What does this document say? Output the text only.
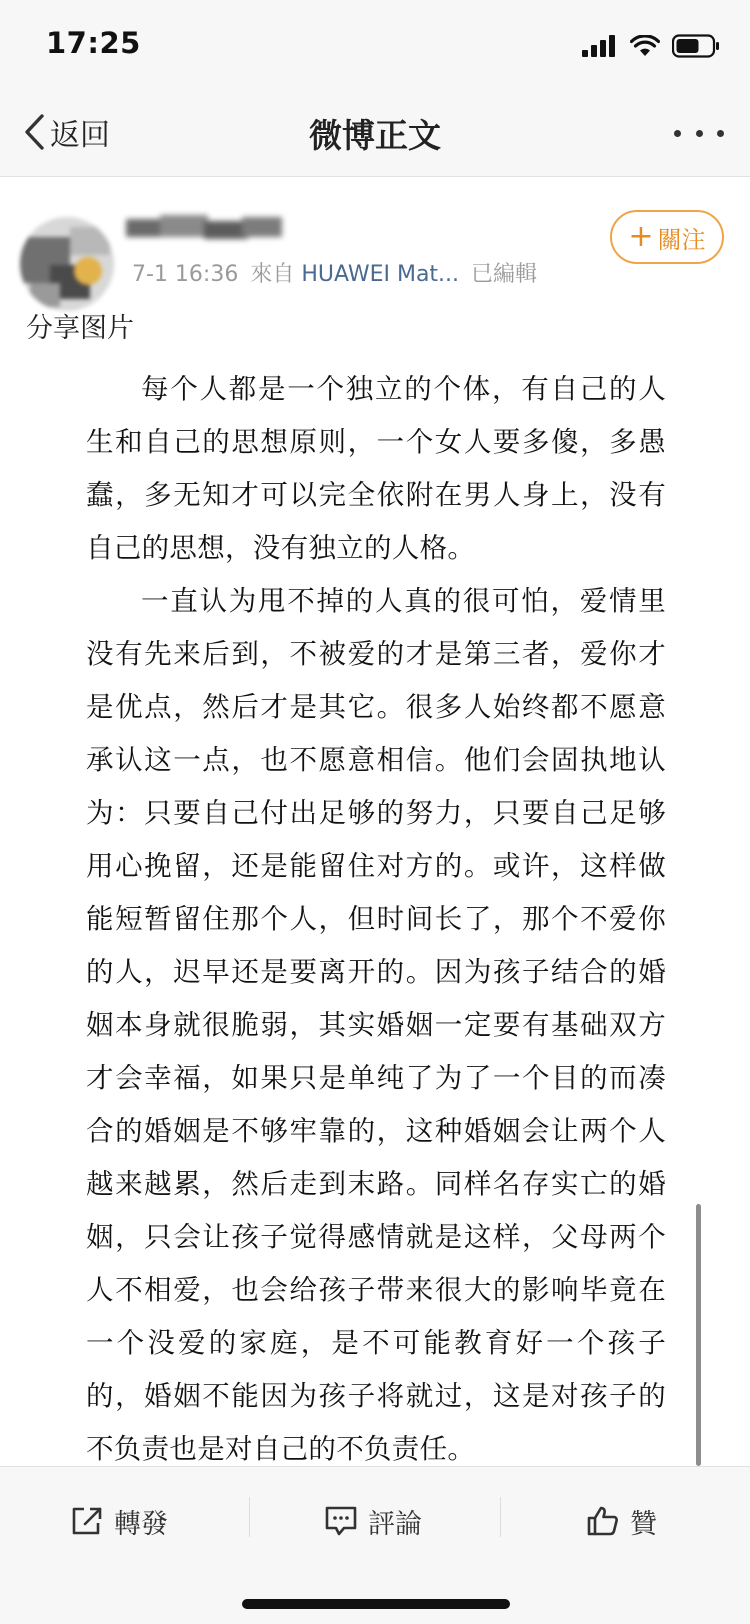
17:25
返回	微博正文
7-1 16:36 來自 HUAWEI Mat... 已編輯
+ 關注
分享图片

每个人都是一个独立的个体，有自己的人生和自己的思想原则，一个女人要多傻，多愚蠢，多无知才可以完全依附在男人身上，没有自己的思想，没有独立的人格。

一直认为甩不掉的人真的很可怕，爱情里没有先来后到，不被爱的才是第三者，爱你才是优点，然后才是其它。很多人始终都不愿意承认这一点，也不愿意相信。他们会固执地认为：只要自己付出足够的努力，只要自己足够用心挽留，还是能留住对方的。或许，这样做能短暂留住那个人，但时间长了，那个不爱你的人，迟早还是要离开的。因为孩子结合的婚姻本身就很脆弱，其实婚姻一定要有基础双方才会幸福，如果只是单纯了为了一个目的而凑合的婚姻是不够牢靠的，这种婚姻会让两个人越来越累，然后走到末路。同样名存实亡的婚姻，只会让孩子觉得感情就是这样，父母两个人不相爱，也会给孩子带来很大的影响毕竟在一个没爱的家庭，是不可能教育好一个孩子的，婚姻不能因为孩子将就过，这是对孩子的不负责也是对自己的不负责任。

轉發	評論	贊
